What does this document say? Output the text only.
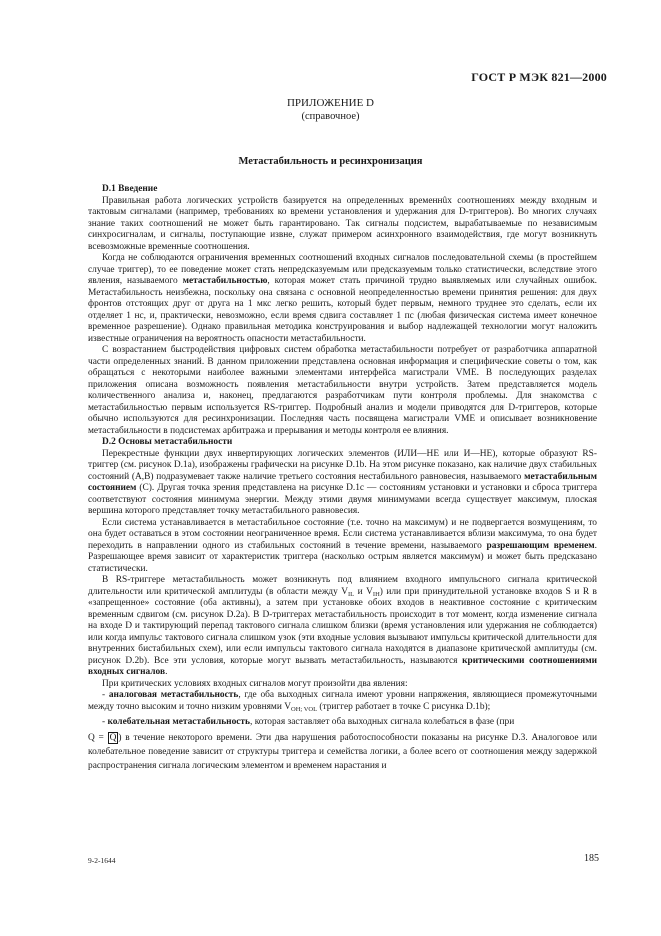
ГОСТ Р МЭК 821—2000
ПРИЛОЖЕНИЕ D
(справочное)
Метастабильность и ресинхронизация
D.1 Введение

Правильная работа логических устройств базируется на определенных временнûх соотношениях между входным и тактовым сигналами (например, требованиях ко времени установления и удержания для D-триггеров). Во многих случаях знание таких соотношений не может быть гарантировано. Так сигналы подсистем, вырабатываемые по независимым синхросигналам, и сигналы, поступающие извне, служат примером асинхронного взаимодействия, где могут возникнуть всевозможные временные соотношения.

Когда не соблюдаются ограничения временных соотношений входных сигналов последовательной схемы (в простейшем случае триггер), то ее поведение может стать непредсказуемым или предсказуемым только статистически, вследствие этого явления, называемого метастабильностью, которая может стать причиной трудно выявляемых или случайных ошибок. Метастабильность неизбежна, поскольку она связана с основной неопределенностью времени принятия решения: для двух фронтов отстоящих друг от друга на 1 мкс легко решить, который будет первым, немного труднее это сделать, если их отделяет 1 нс, и, практически, невозможно, если время сдвига составляет 1 пс (любая физическая система имеет конечное временное разрешение). Однако правильная методика конструирования и выбор надлежащей технологии могут наложить известные ограничения на вероятность опасности метастабильности.

С возрастанием быстродействия цифровых систем обработка метастабильности потребует от разработчика аппаратной части определенных знаний. В данном приложении представлена основная информация и специфические советы о том, как обращаться с некоторыми наиболее важными элементами интерфейса магистрали VME. В последующих разделах приложения описана возможность появления метастабильности внутри устройств. Затем представляется модель количественного анализа и, наконец, предлагаются разработчикам пути контроля проблемы. Для знакомства с метастабильностью первым используется RS-триггер. Подробный анализ и модели приводятся для D-триггеров, которые обычно используются для ресинхронизации. Последняя часть посвящена магистрали VME и описывает возникновение метастабильности в подсистемах арбитража и прерывания и методы контроля ее влияния.

D.2 Основы метастабильности

Перекрестные функции двух инвертирующих логических элементов (ИЛИ—НЕ или И—НЕ), которые образуют RS-триггер (см. рисунок D.1а), изображены графически на рисунке D.1b. На этом рисунке показано, как наличие двух стабильных состояний (А,В) подразумевает также наличие третьего состояния нестабильного равновесия, называемого метастабильным состоянием (С). Другая точка зрения представлена на рисунке D.1с — состояниям установки и установки и сброса триггера соответствуют состояния минимума энергии. Между этими двумя минимумами всегда существует максимум, плоская вершина которого представляет точку метастабильного равновесия.

Если система устанавливается в метастабильное состояние (т.е. точно на максимум) и не подвергается возмущениям, то она будет оставаться в этом состоянии неограниченное время. Если система устанавливается вблизи максимума, то она будет переходить в направлении одного из стабильных состояний в течение времени, называемого разрешающим временем. Разрешающее время зависит от характеристик триггера (насколько острым является максимум) и может быть предсказано статистически.

В RS-триггере метастабильность может возникнуть под влиянием входного импульсного сигнала критической длительности или критической амплитуды (в области между $V_{IL}$ и $V_{IH}$) или при принудительной установке входов S и R в «запрещенное» состояние (оба активны), а затем при установке обоих входов в неактивное состояние с критическим временным сдвигом (см. рисунок D.2а). В D-триггерах метастабильность происходит в тот момент, когда изменение сигнала на входе D и тактирующий перепад тактового сигнала слишком близки (время установления или удержания не соблюдается) или когда импульс тактового сигнала слишком узок (эти входные условия вызывают импульсы критической длительности для внутренних бистабильных схем), или если импульсы тактового сигнала находятся в диапазоне критической амплитуды (см. рисунок D.2b). Все эти условия, которые могут вызвать метастабильность, называются критическими соотношениями входных сигналов.

При критических условиях входных сигналов могут произойти два явления:

- аналоговая метастабильность, где оба выходных сигнала имеют уровни напряжения, являющиеся промежуточными между точно высоким и точно низким уровнями $V_{OH; VOL}$ (триггер работает в точке С рисунка D.1b);

- колебательная метастабильность, которая заставляет оба выходных сигнала колебаться в фазе (при

$Q = \overline{Q}$ ) в течение некоторого времени. Эти два нарушения работоспособности показаны на рисунке D.3. Аналоговое или колебательное поведение зависит от структуры триггера и семейства логики, а более всего от соотношения между задержкой распространения сигнала логическим элементом и временем нарастания и

9-2-1644	185
